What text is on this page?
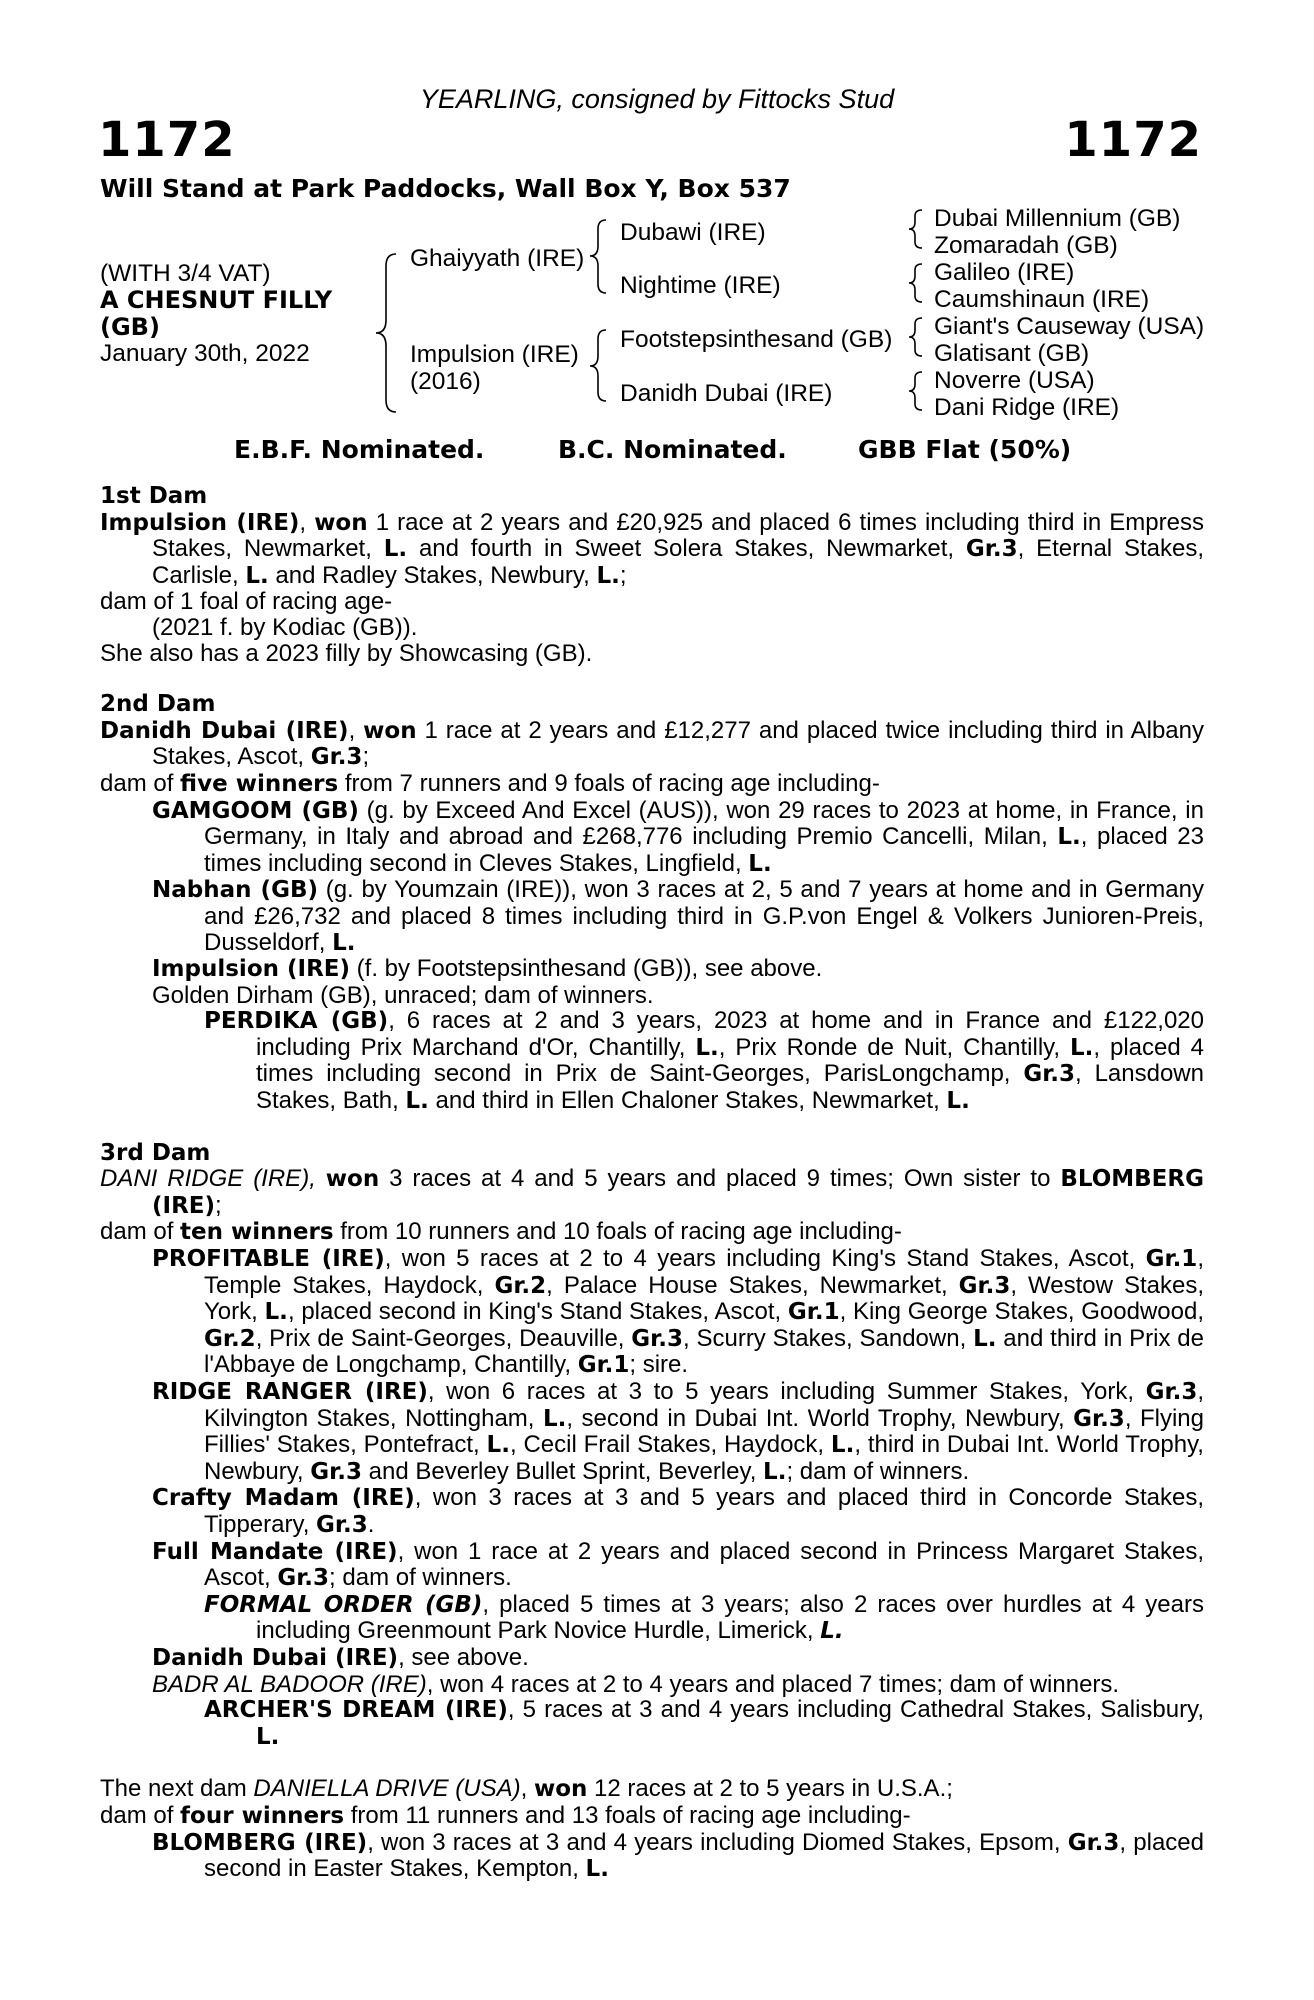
YEARLING, consigned by Fittocks Stud
1172	1172
Will Stand at Park Paddocks, Wall Box Y, Box 537
(WITH 3/4 VAT)
A CHESNUT FILLY
(GB)
January 30th, 2022
Ghaiyyath (IRE)
Impulsion (IRE)
(2016)
Dubawi (IRE)
Nightime (IRE)
Footstepsinthesand (GB)
Danidh Dubai (IRE)
Dubai Millennium (GB)
Zomaradah (GB)
Galileo (IRE)
Caumshinaun (IRE)
Giant's Causeway (USA)
Glatisant (GB)
Noverre (USA)
Dani Ridge (IRE)
E.B.F. Nominated.	B.C. Nominated.	GBB Flat (50%)

1st Dam

Impulsion (IRE), won 1 race at 2 years and £20,925 and placed 6 times including third in Empress Stakes, Newmarket, L. and fourth in Sweet Solera Stakes, Newmarket, Gr.3, Eternal Stakes, Carlisle, L. and Radley Stakes, Newbury, L.;

dam of 1 foal of racing age-

(2021 f. by Kodiac (GB)).

She also has a 2023 filly by Showcasing (GB).

2nd Dam

Danidh Dubai (IRE), won 1 race at 2 years and £12,277 and placed twice including third in Albany Stakes, Ascot, Gr.3;

dam of five winners from 7 runners and 9 foals of racing age including-

GAMGOOM (GB) (g. by Exceed And Excel (AUS)), won 29 races to 2023 at home, in France, in Germany, in Italy and abroad and £268,776 including Premio Cancelli, Milan, L., placed 23 times including second in Cleves Stakes, Lingfield, L.

Nabhan (GB) (g. by Youmzain (IRE)), won 3 races at 2, 5 and 7 years at home and in Germany and £26,732 and placed 8 times including third in G.P.von Engel & Volkers Junioren-Preis, Dusseldorf, L.

Impulsion (IRE) (f. by Footstepsinthesand (GB)), see above.

Golden Dirham (GB), unraced; dam of winners.

PERDIKA (GB), 6 races at 2 and 3 years, 2023 at home and in France and £122,020 including Prix Marchand d'Or, Chantilly, L., Prix Ronde de Nuit, Chantilly, L., placed 4 times including second in Prix de Saint-Georges, ParisLongchamp, Gr.3, Lansdown Stakes, Bath, L. and third in Ellen Chaloner Stakes, Newmarket, L.

3rd Dam

DANI RIDGE (IRE), won 3 races at 4 and 5 years and placed 9 times; Own sister to BLOMBERG (IRE);

dam of ten winners from 10 runners and 10 foals of racing age including-

PROFITABLE (IRE), won 5 races at 2 to 4 years including King's Stand Stakes, Ascot, Gr.1, Temple Stakes, Haydock, Gr.2, Palace House Stakes, Newmarket, Gr.3, Westow Stakes, York, L., placed second in King's Stand Stakes, Ascot, Gr.1, King George Stakes, Goodwood, Gr.2, Prix de Saint-Georges, Deauville, Gr.3, Scurry Stakes, Sandown, L. and third in Prix de l'Abbaye de Longchamp, Chantilly, Gr.1; sire.

RIDGE RANGER (IRE), won 6 races at 3 to 5 years including Summer Stakes, York, Gr.3, Kilvington Stakes, Nottingham, L., second in Dubai Int. World Trophy, Newbury, Gr.3, Flying Fillies' Stakes, Pontefract, L., Cecil Frail Stakes, Haydock, L., third in Dubai Int. World Trophy, Newbury, Gr.3 and Beverley Bullet Sprint, Beverley, L.; dam of winners.

Crafty Madam (IRE), won 3 races at 3 and 5 years and placed third in Concorde Stakes, Tipperary, Gr.3.

Full Mandate (IRE), won 1 race at 2 years and placed second in Princess Margaret Stakes, Ascot, Gr.3; dam of winners.

FORMAL ORDER (GB), placed 5 times at 3 years; also 2 races over hurdles at 4 years including Greenmount Park Novice Hurdle, Limerick, L.

Danidh Dubai (IRE), see above.

BADR AL BADOOR (IRE), won 4 races at 2 to 4 years and placed 7 times; dam of winners.

ARCHER'S DREAM (IRE), 5 races at 3 and 4 years including Cathedral Stakes, Salisbury, L.

The next dam DANIELLA DRIVE (USA), won 12 races at 2 to 5 years in U.S.A.;

dam of four winners from 11 runners and 13 foals of racing age including-

BLOMBERG (IRE), won 3 races at 3 and 4 years including Diomed Stakes, Epsom, Gr.3, placed second in Easter Stakes, Kempton, L.
